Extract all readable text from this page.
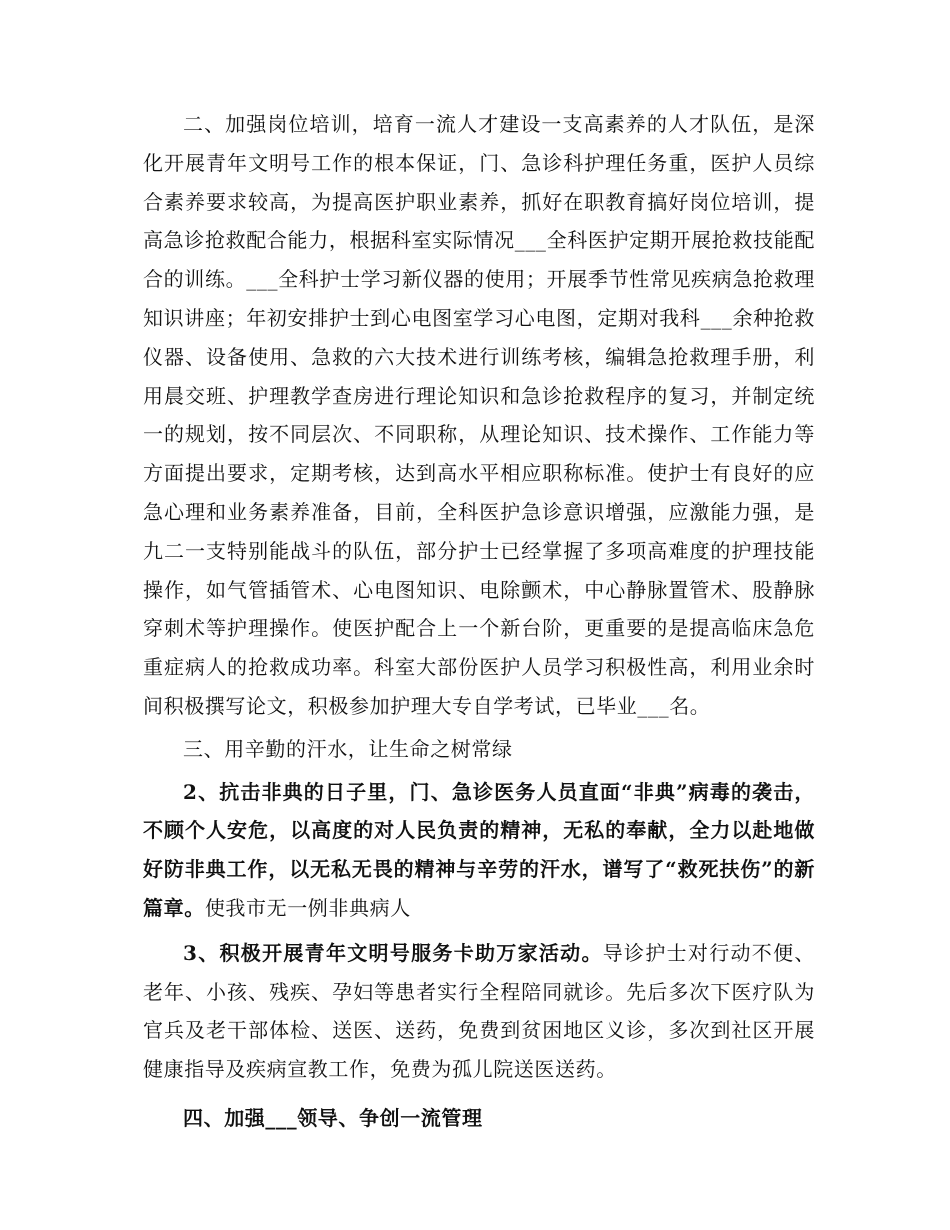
二、加强岗位培训，培育一流人才建设一支高素养的人才队伍，是深化开展青年文明号工作的根本保证，门、急诊科护理任务重，医护人员综合素养要求较高，为提高医护职业素养，抓好在职教育搞好岗位培训，提高急诊抢救配合能力，根据科室实际情况___全科医护定期开展抢救技能配合的训练。___全科护士学习新仪器的使用；开展季节性常见疾病急抢救理知识讲座；年初安排护士到心电图室学习心电图，定期对我科___余种抢救仪器、设备使用、急救的六大技术进行训练考核，编辑急抢救理手册，利用晨交班、护理教学查房进行理论知识和急诊抢救程序的复习，并制定统一的规划，按不同层次、不同职称，从理论知识、技术操作、工作能力等方面提出要求，定期考核，达到高水平相应职称标准。使护士有良好的应急心理和业务素养准备，目前，全科医护急诊意识增强，应激能力强，是九二一支特别能战斗的队伍，部分护士已经掌握了多项高难度的护理技能操作，如气管插管术、心电图知识、电除颤术，中心静脉置管术、股静脉穿刺术等护理操作。使医护配合上一个新台阶，更重要的是提高临床急危重症病人的抢救成功率。科室大部份医护人员学习积极性高，利用业余时间积极撰写论文，积极参加护理大专自学考试，已毕业___名。

三、用辛勤的汗水，让生命之树常绿

2、抗击非典的日子里，门、急诊医务人员直面“非典”病毒的袭击，不顾个人安危，以高度的对人民负责的精神，无私的奉献，全力以赴地做好防非典工作，以无私无畏的精神与辛劳的汗水，谱写了“救死扶伤”的新篇章。使我市无一例非典病人

3、积极开展青年文明号服务卡助万家活动。导诊护士对行动不便、老年、小孩、残疾、孕妇等患者实行全程陪同就诊。先后多次下医疗队为官兵及老干部体检、送医、送药，免费到贫困地区义诊，多次到社区开展健康指导及疾病宣教工作，免费为孤儿院送医送药。

四、加强___领导、争创一流管理
